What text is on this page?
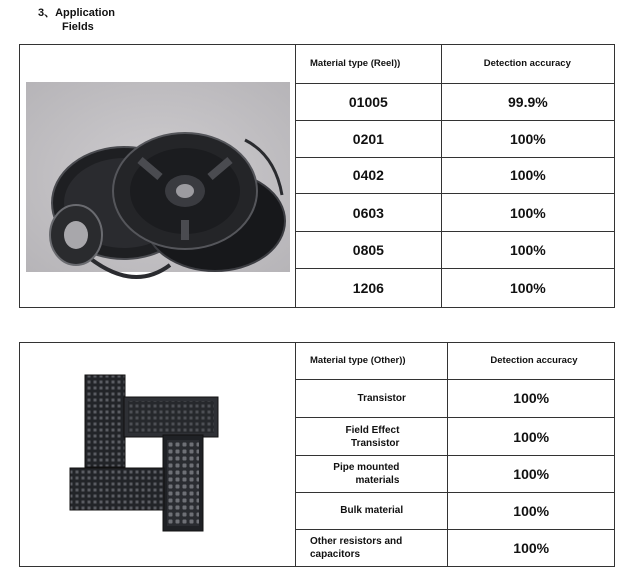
3、Application
Fields
	Material type (Reel))	Detection accuracy
	01005	99.9%
	0201	100%
	0402	100%
	0603	100%
	0805	100%
	1206	100%
	Material type (Other))	Detection accuracy
	Transistor	100%
	Field Effect Transistor	100%
	Pipe mounted materials	100%
	Bulk material	100%
	Other resistors and capacitors	100%
